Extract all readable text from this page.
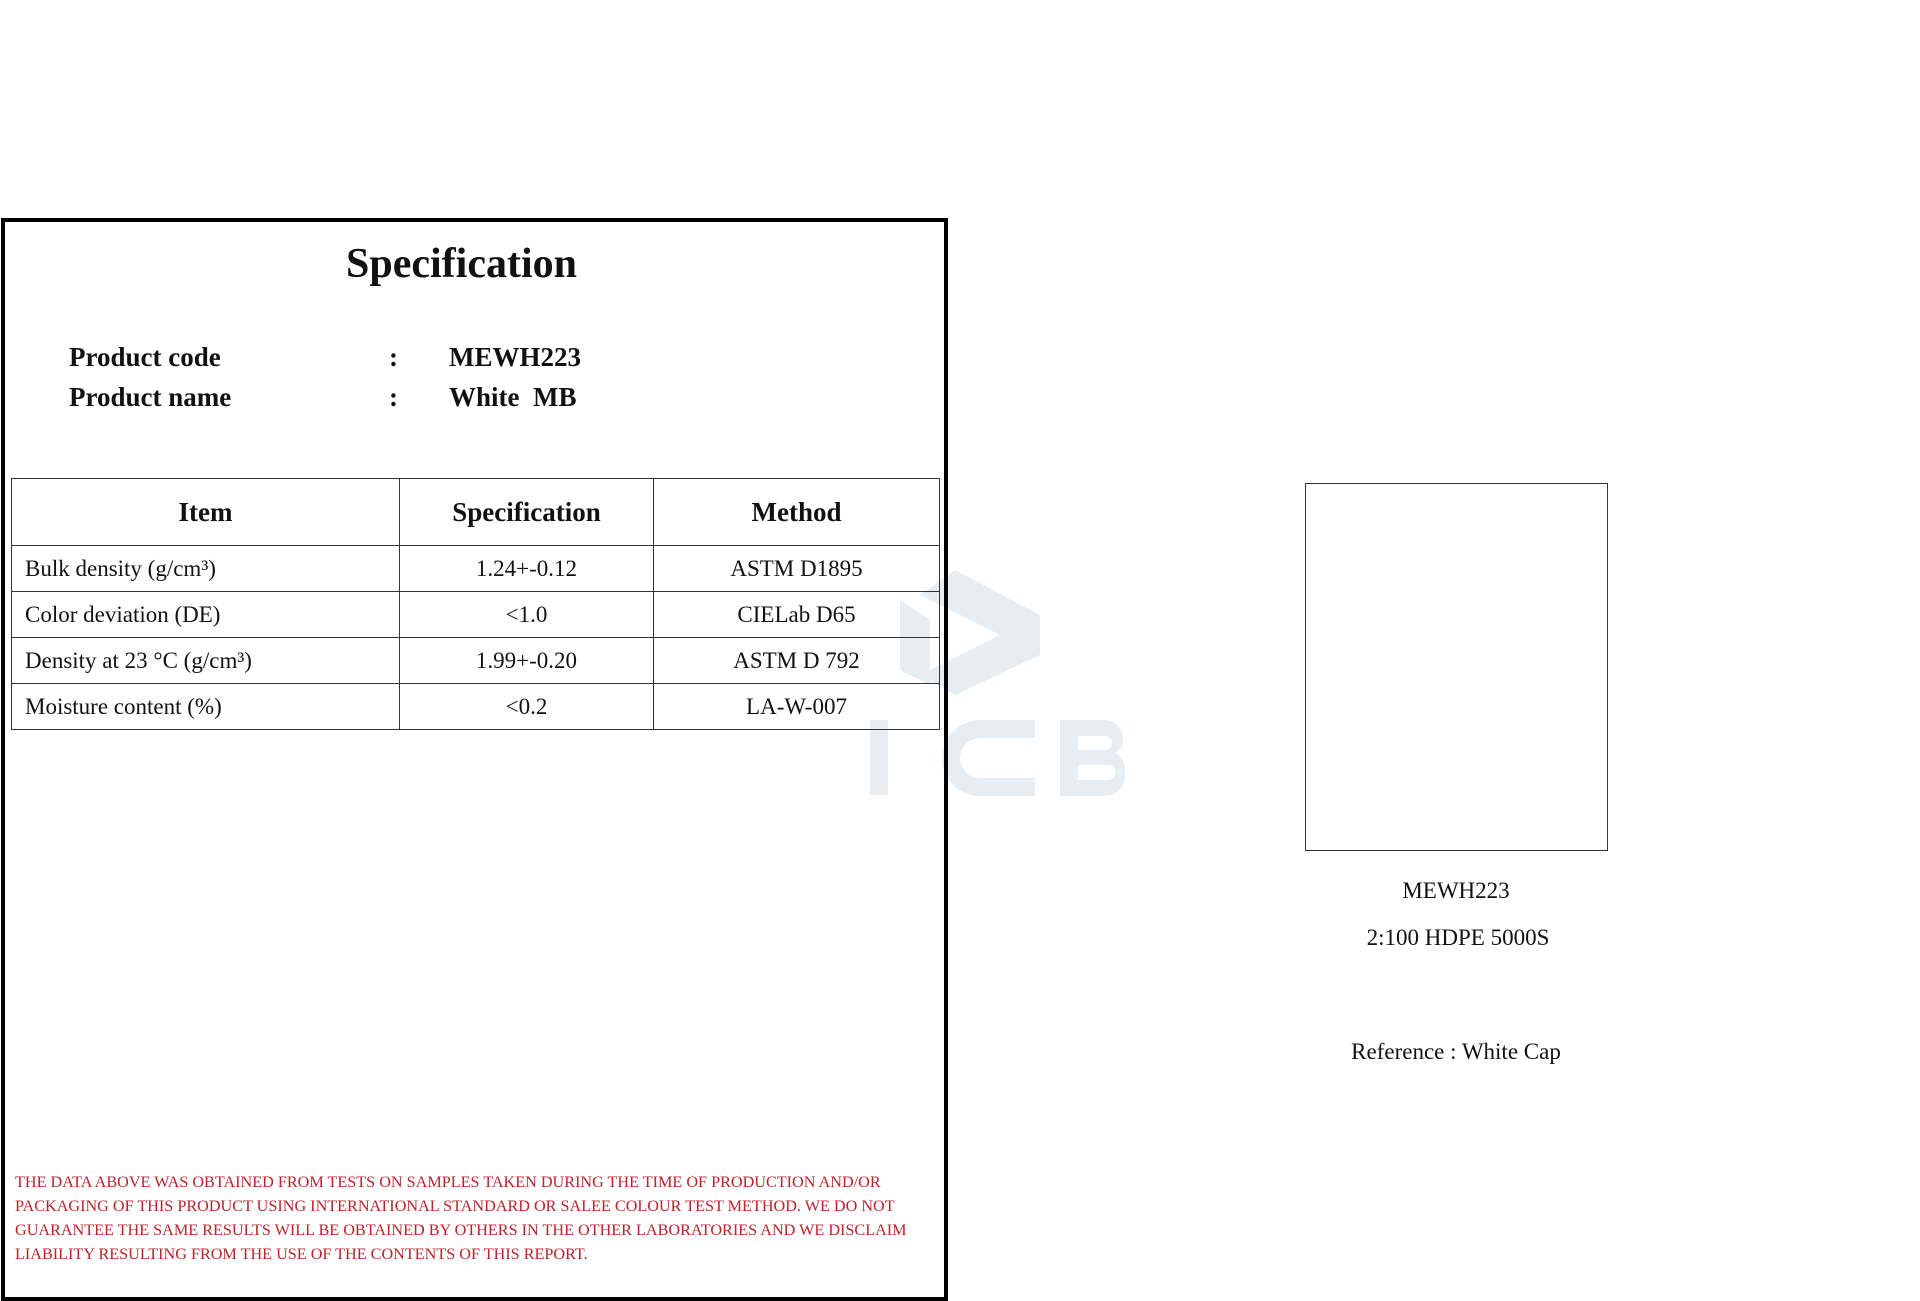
Specification
Product code	: MEWH223
Product name	: White  MB
Item	Specification	Method
Bulk density (g/cm³)	1.24+-0.12	ASTM D1895
Color deviation (DE)	<1.0	CIELab D65
Density at 23 °C (g/cm³)	1.99+-0.20	ASTM D 792
Moisture content (%)	<0.2	LA-W-007
THE DATA ABOVE WAS OBTAINED FROM TESTS ON SAMPLES TAKEN DURING THE TIME OF PRODUCTION AND/OR PACKAGING OF THIS PRODUCT USING INTERNATIONAL STANDARD OR SALEE COLOUR TEST METHOD. WE DO NOT GUARANTEE THE SAME RESULTS WILL BE OBTAINED BY OTHERS IN THE OTHER LABORATORIES AND WE DISCLAIM LIABILITY RESULTING FROM THE USE OF THE CONTENTS OF THIS REPORT.
MEWH223
2:100 HDPE 5000S
Reference : White Cap
